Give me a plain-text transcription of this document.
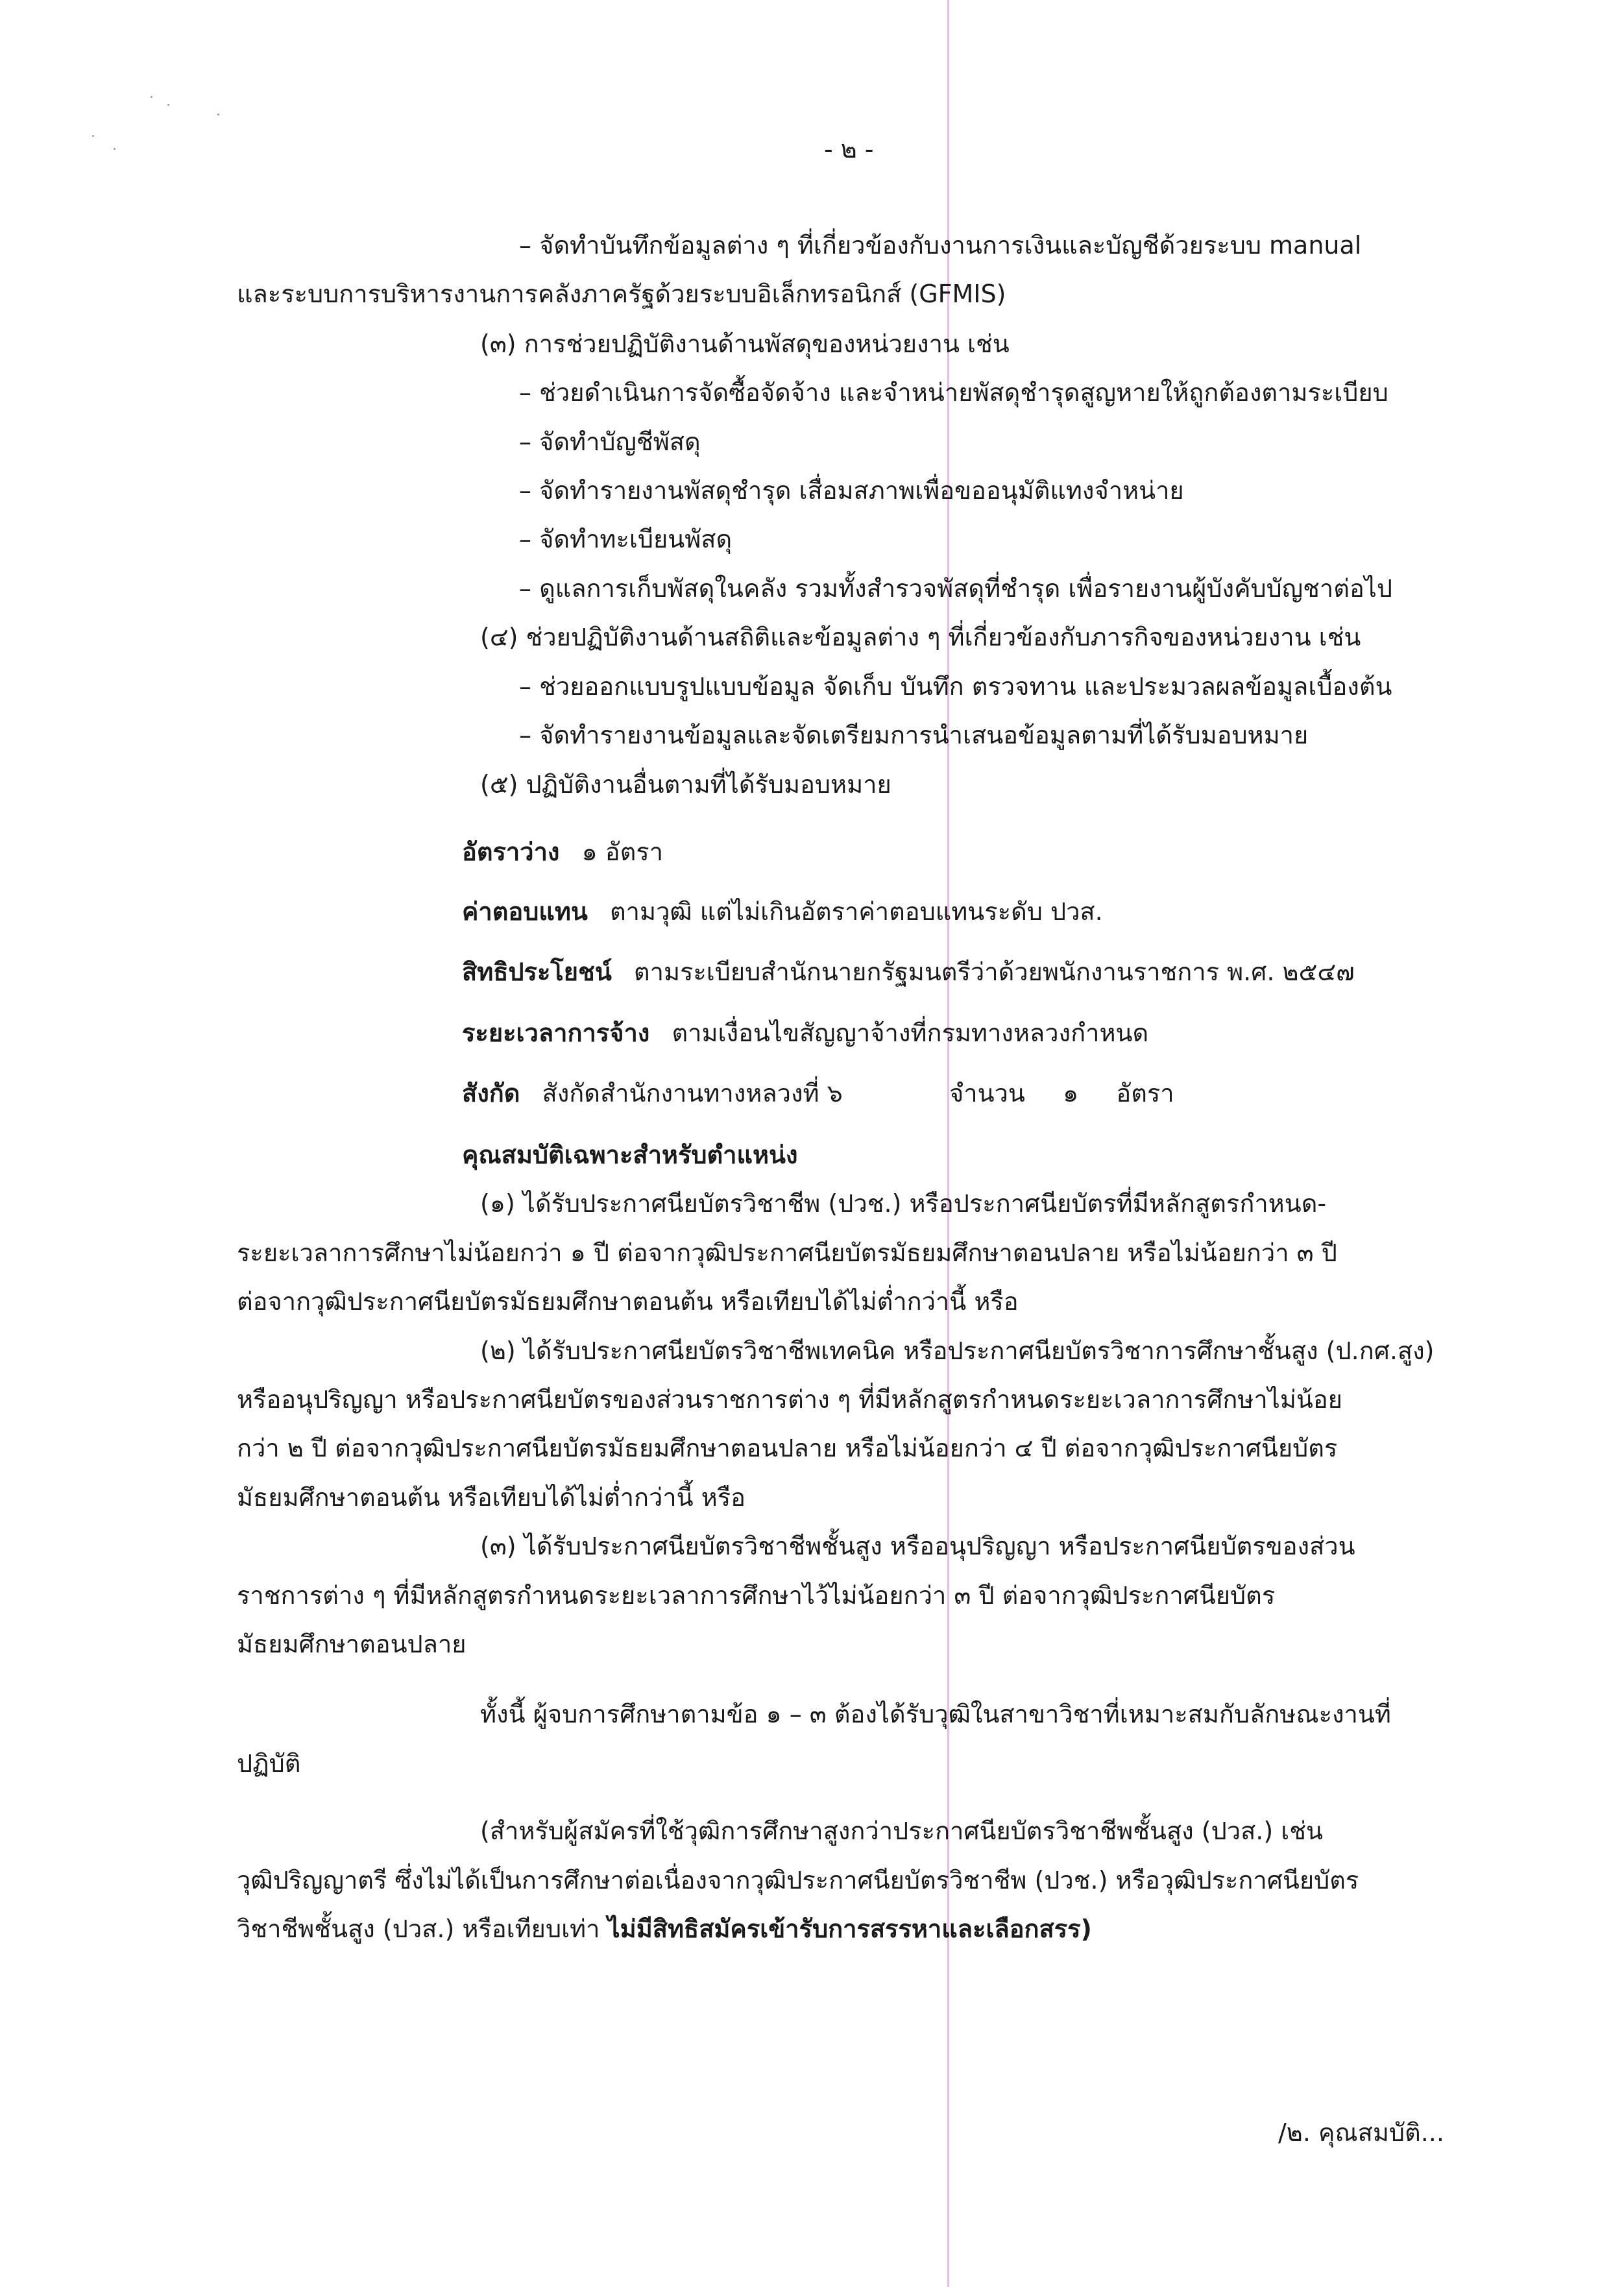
- ๒ -
– จัดทำบันทึกข้อมูลต่าง ๆ ที่เกี่ยวข้องกับงานการเงินและบัญชีด้วยระบบ manual
และระบบการบริหารงานการคลังภาครัฐด้วยระบบอิเล็กทรอนิกส์ (GFMIS)
(๓) การช่วยปฏิบัติงานด้านพัสดุของหน่วยงาน เช่น
– ช่วยดำเนินการจัดซื้อจัดจ้าง และจำหน่ายพัสดุชำรุดสูญหายให้ถูกต้องตามระเบียบ
– จัดทำบัญชีพัสดุ
– จัดทำรายงานพัสดุชำรุด เสื่อมสภาพเพื่อขออนุมัติแทงจำหน่าย
– จัดทำทะเบียนพัสดุ
– ดูแลการเก็บพัสดุในคลัง รวมทั้งสำรวจพัสดุที่ชำรุด เพื่อรายงานผู้บังคับบัญชาต่อไป
(๔) ช่วยปฏิบัติงานด้านสถิติและข้อมูลต่าง ๆ ที่เกี่ยวข้องกับภารกิจของหน่วยงาน เช่น
– ช่วยออกแบบรูปแบบข้อมูล จัดเก็บ บันทึก ตรวจทาน และประมวลผลข้อมูลเบื้องต้น
– จัดทำรายงานข้อมูลและจัดเตรียมการนำเสนอข้อมูลตามที่ได้รับมอบหมาย
(๕) ปฏิบัติงานอื่นตามที่ได้รับมอบหมาย
อัตราว่าง ๑ อัตรา
ค่าตอบแทน ตามวุฒิ แต่ไม่เกินอัตราค่าตอบแทนระดับ ปวส.
สิทธิประโยชน์ ตามระเบียบสำนักนายกรัฐมนตรีว่าด้วยพนักงานราชการ พ.ศ. ๒๕๔๗
ระยะเวลาการจ้าง ตามเงื่อนไขสัญญาจ้างที่กรมทางหลวงกำหนด
สังกัด สังกัดสำนักงานทางหลวงที่ ๖	จำนวน ๑ อัตรา
คุณสมบัติเฉพาะสำหรับตำแหน่ง
(๑) ได้รับประกาศนียบัตรวิชาชีพ (ปวช.) หรือประกาศนียบัตรที่มีหลักสูตรกำหนด-
ระยะเวลาการศึกษาไม่น้อยกว่า ๑ ปี ต่อจากวุฒิประกาศนียบัตรมัธยมศึกษาตอนปลาย หรือไม่น้อยกว่า ๓ ปี
ต่อจากวุฒิประกาศนียบัตรมัธยมศึกษาตอนต้น หรือเทียบได้ไม่ต่ำกว่านี้ หรือ
(๒) ได้รับประกาศนียบัตรวิชาชีพเทคนิค หรือประกาศนียบัตรวิชาการศึกษาชั้นสูง (ป.กศ.สูง)
หรืออนุปริญญา หรือประกาศนียบัตรของส่วนราชการต่าง ๆ ที่มีหลักสูตรกำหนดระยะเวลาการศึกษาไม่น้อย
กว่า ๒ ปี ต่อจากวุฒิประกาศนียบัตรมัธยมศึกษาตอนปลาย หรือไม่น้อยกว่า ๔ ปี ต่อจากวุฒิประกาศนียบัตร
มัธยมศึกษาตอนต้น หรือเทียบได้ไม่ต่ำกว่านี้ หรือ
(๓) ได้รับประกาศนียบัตรวิชาชีพชั้นสูง หรืออนุปริญญา หรือประกาศนียบัตรของส่วน
ราชการต่าง ๆ ที่มีหลักสูตรกำหนดระยะเวลาการศึกษาไว้ไม่น้อยกว่า ๓ ปี ต่อจากวุฒิประกาศนียบัตร
มัธยมศึกษาตอนปลาย
ทั้งนี้ ผู้จบการศึกษาตามข้อ ๑ – ๓ ต้องได้รับวุฒิในสาขาวิชาที่เหมาะสมกับลักษณะงานที่
ปฏิบัติ
(สำหรับผู้สมัครที่ใช้วุฒิการศึกษาสูงกว่าประกาศนียบัตรวิชาชีพชั้นสูง (ปวส.) เช่น
วุฒิปริญญาตรี ซึ่งไม่ได้เป็นการศึกษาต่อเนื่องจากวุฒิประกาศนียบัตรวิชาชีพ (ปวช.) หรือวุฒิประกาศนียบัตร
วิชาชีพชั้นสูง (ปวส.) หรือเทียบเท่า ไม่มีสิทธิสมัครเข้ารับการสรรหาและเลือกสรร)
/๒. คุณสมบัติ...
